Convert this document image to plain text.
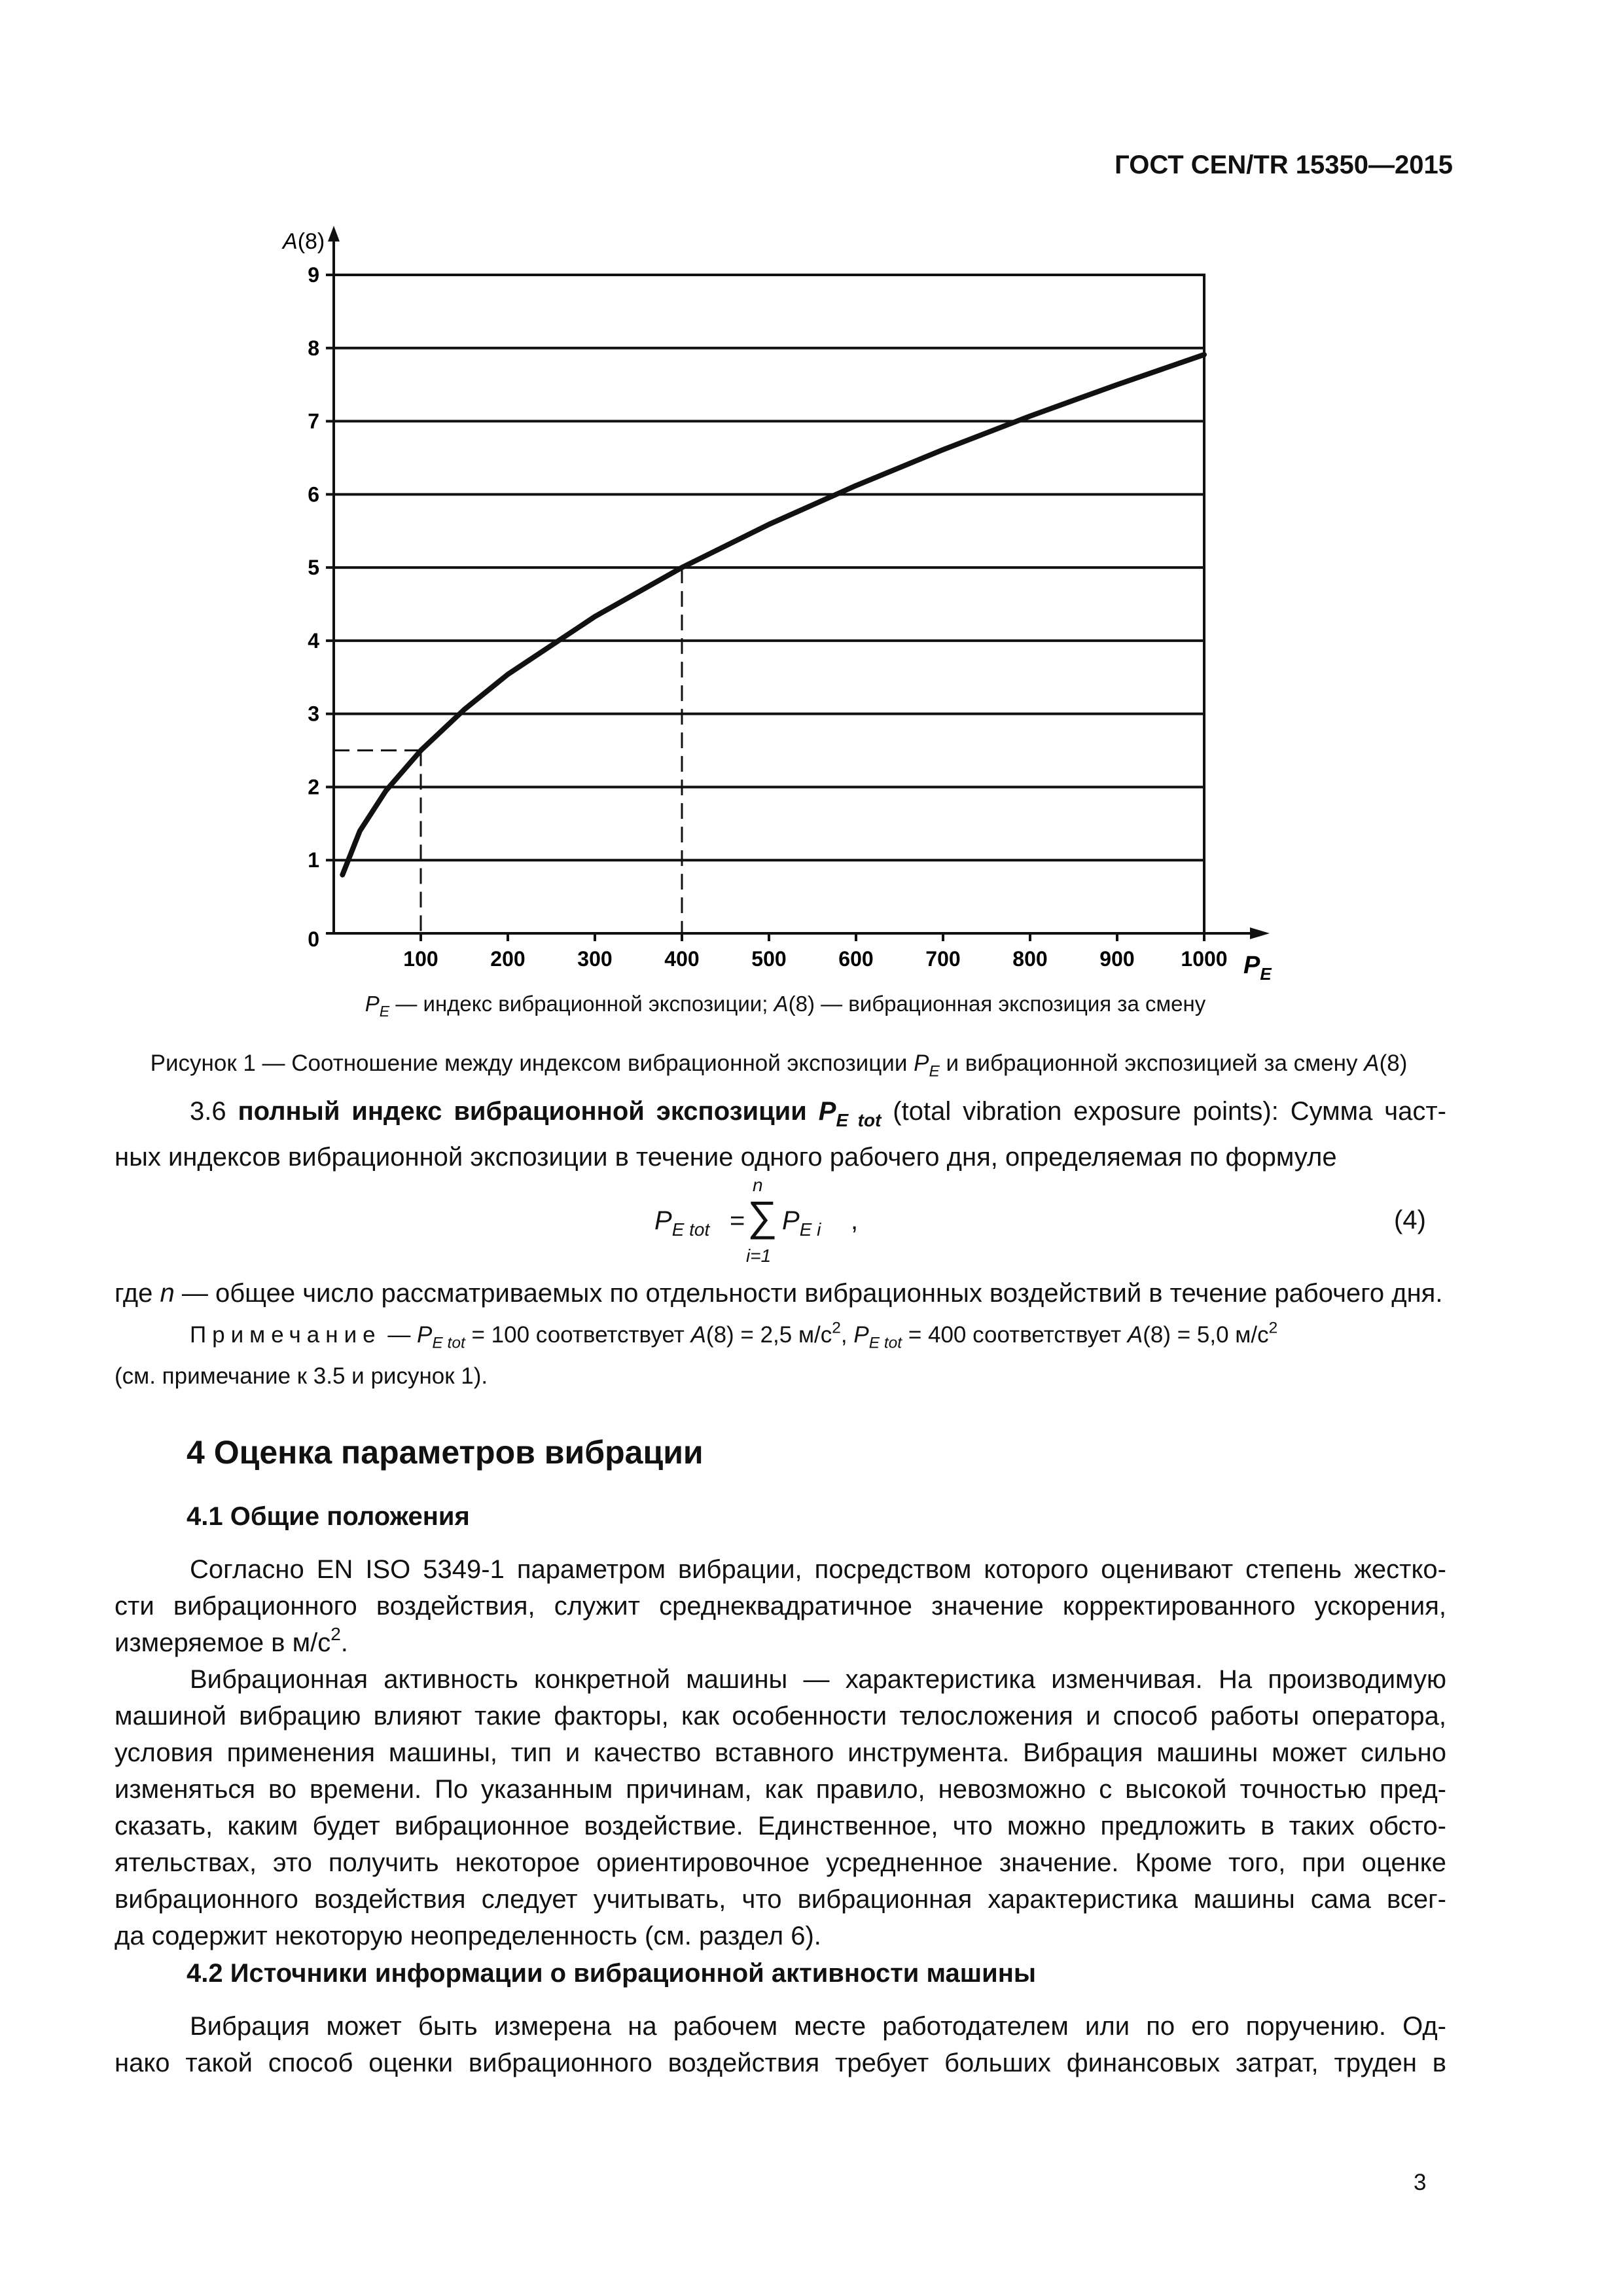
ГОСТ CEN/TR 15350—2015
100 200 300 400 500 600 700 800 900 1000
0
1
2
3
4
5
6
7
8
9
A(8)
$P_E$
$P_E$ — индекс вибрационной экспозиции; A(8) — вибрационная экспозиция за смену
Рисунок 1 — Соотношение между индексом вибрационной экспозиции $P_E$ и вибрационной экспозицией за смену A(8)

3.6 полный индекс вибрационной экспозиции $P_{E tot}$ (total vibration exposure points): Сумма част-

ных индексов вибрационной экспозиции в течение одного рабочего дня, определяемая по формуле

$P_{E tot}$ =
n
∑
i=1
$P_{E i}$ ,	(4)
где n — общее число рассматриваемых по отдельности вибрационных воздействий в течение рабочего дня.
Примечание — $P_{E tot} = 100$ соответствует A(8) = 2,5 $м/с^2$, $P_{E tot} = 400$ соответствует A(8) = 5,0 $м/с^2$
(см. примечание к 3.5 и рисунок 1).
4 Оценка параметров вибрации
4.1 Общие положения

Согласно EN ISO 5349-1 параметром вибрации, посредством которого оценивают степень жестко-

сти вибрационного воздействия, служит среднеквадратичное значение корректированного ускорения,

измеряемое в $м/с^2$.

Вибрационная активность конкретной машины — характеристика изменчивая. На производимую

машиной вибрацию влияют такие факторы, как особенности телосложения и способ работы оператора,

условия применения машины, тип и качество вставного инструмента. Вибрация машины может сильно

изменяться во времени. По указанным причинам, как правило, невозможно с высокой точностью пред-

сказать, каким будет вибрационное воздействие. Единственное, что можно предложить в таких обсто-

ятельствах, это получить некоторое ориентировочное усредненное значение. Кроме того, при оценке

вибрационного воздействия следует учитывать, что вибрационная характеристика машины сама всег-

да содержит некоторую неопределенность (см. раздел 6).

4.2 Источники информации о вибрационной активности машины

Вибрация может быть измерена на рабочем месте работодателем или по его поручению. Од-

нако такой способ оценки вибрационного воздействия требует больших финансовых затрат, труден в

3
